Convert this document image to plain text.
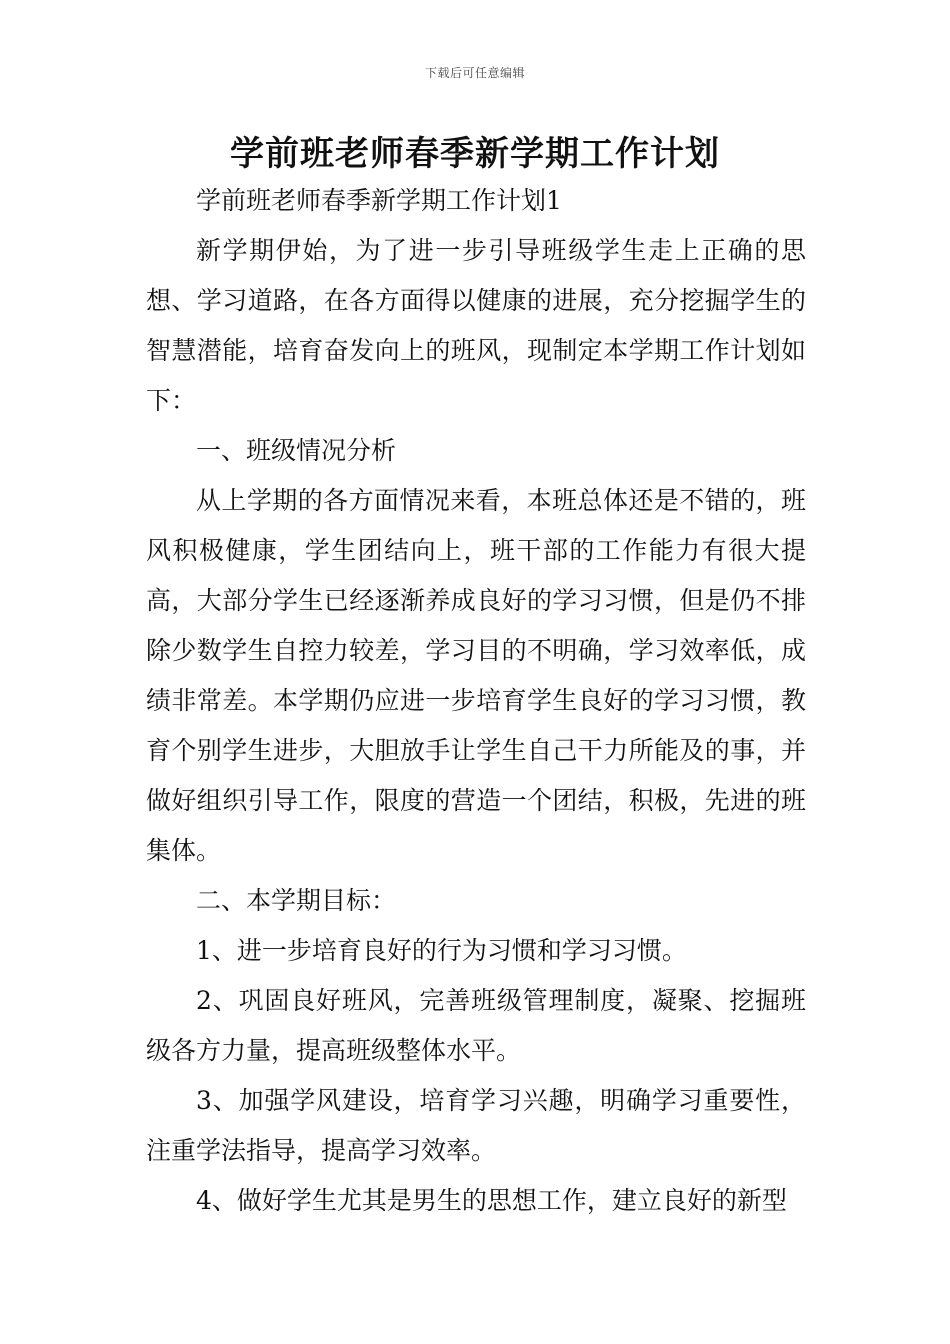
下载后可任意编辑
学前班老师春季新学期工作计划

学前班老师春季新学期工作计划1

新学期伊始，为了进一步引导班级学生走上正确的思想、学习道路，在各方面得以健康的进展，充分挖掘学生的智慧潜能，培育奋发向上的班风，现制定本学期工作计划如下：

一、班级情况分析

从上学期的各方面情况来看，本班总体还是不错的，班风积极健康，学生团结向上，班干部的工作能力有很大提高，大部分学生已经逐渐养成良好的学习习惯，但是仍不排除少数学生自控力较差，学习目的不明确，学习效率低，成绩非常差。本学期仍应进一步培育学生良好的学习习惯，教育个别学生进步，大胆放手让学生自己干力所能及的事，并做好组织引导工作，限度的营造一个团结，积极，先进的班集体。

二、本学期目标：

1、进一步培育良好的行为习惯和学习习惯。

2、巩固良好班风，完善班级管理制度，凝聚、挖掘班级各方力量，提高班级整体水平。

3、加强学风建设，培育学习兴趣，明确学习重要性，注重学法指导，提高学习效率。

4、做好学生尤其是男生的思想工作，建立良好的新型
